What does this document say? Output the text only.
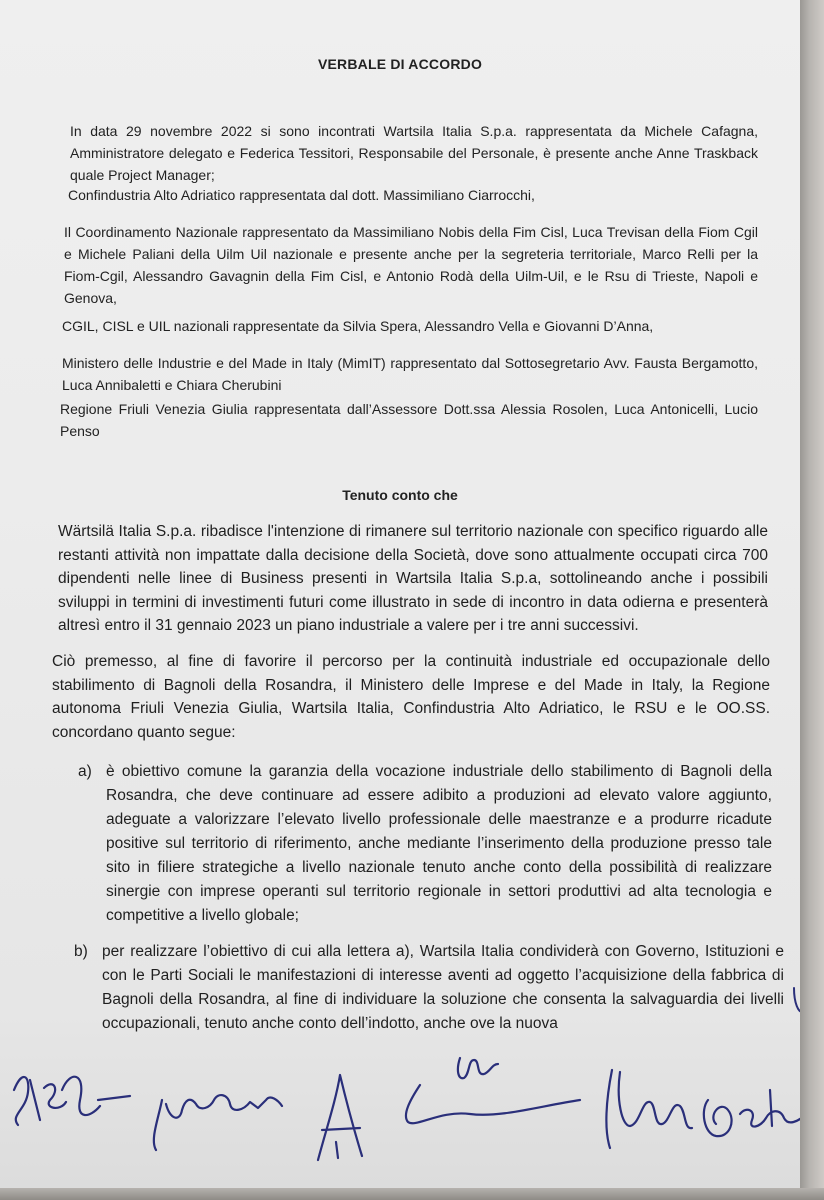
VERBALE DI ACCORDO
In data 29 novembre 2022 si sono incontrati Wartsila Italia S.p.a. rappresentata da Michele Cafagna, Amministratore delegato e Federica Tessitori, Responsabile del Personale, è presente anche Anne Traskback quale Project Manager;
Confindustria Alto Adriatico rappresentata dal dott. Massimiliano Ciarrocchi,
Il Coordinamento Nazionale rappresentato da Massimiliano Nobis della Fim Cisl, Luca Trevisan della Fiom Cgil e Michele Paliani della Uilm Uil nazionale e presente anche per la segreteria territoriale, Marco Relli per la Fiom-Cgil, Alessandro Gavagnin della Fim Cisl, e Antonio Rodà della Uilm-Uil, e le Rsu di Trieste, Napoli e Genova,
CGIL, CISL e UIL nazionali rappresentate da Silvia Spera, Alessandro Vella e Giovanni D’Anna,
Ministero delle Industrie e del Made in Italy (MimIT) rappresentato dal Sottosegretario Avv. Fausta Bergamotto, Luca Annibaletti e Chiara Cherubini
Regione Friuli Venezia Giulia rappresentata dall’Assessore Dott.ssa Alessia Rosolen, Luca Antonicelli, Lucio Penso
Tenuto conto che
Wärtsilä Italia S.p.a. ribadisce l'intenzione di rimanere sul territorio nazionale con specifico riguardo alle restanti attività non impattate dalla decisione della Società, dove sono attualmente occupati circa 700 dipendenti nelle linee di Business presenti in Wartsila Italia S.p.a, sottolineando anche i possibili sviluppi in termini di investimenti futuri come illustrato in sede di incontro in data odierna e presenterà altresì entro il 31 gennaio 2023 un piano industriale a valere per i tre anni successivi.
Ciò premesso, al fine di favorire il percorso per la continuità industriale ed occupazionale dello stabilimento di Bagnoli della Rosandra, il Ministero delle Imprese e del Made in Italy, la Regione autonoma Friuli Venezia Giulia, Wartsila Italia, Confindustria Alto Adriatico, le RSU e le OO.SS. concordano quanto segue:
a) è obiettivo comune la garanzia della vocazione industriale dello stabilimento di Bagnoli della Rosandra, che deve continuare ad essere adibito a produzioni ad elevato valore aggiunto, adeguate a valorizzare l’elevato livello professionale delle maestranze e a produrre ricadute positive sul territorio di riferimento, anche mediante l’inserimento della produzione presso tale sito in filiere strategiche a livello nazionale tenuto anche conto della possibilità di realizzare sinergie con imprese operanti sul territorio regionale in settori produttivi ad alta tecnologia e competitive a livello globale;
b) per realizzare l’obiettivo di cui alla lettera a), Wartsila Italia condividerà con Governo, Istituzioni e con le Parti Sociali le manifestazioni di interesse aventi ad oggetto l’acquisizione della fabbrica di Bagnoli della Rosandra, al fine di individuare la soluzione che consenta la salvaguardia dei livelli occupazionali, tenuto anche conto dell’indotto, anche ove la nuova
